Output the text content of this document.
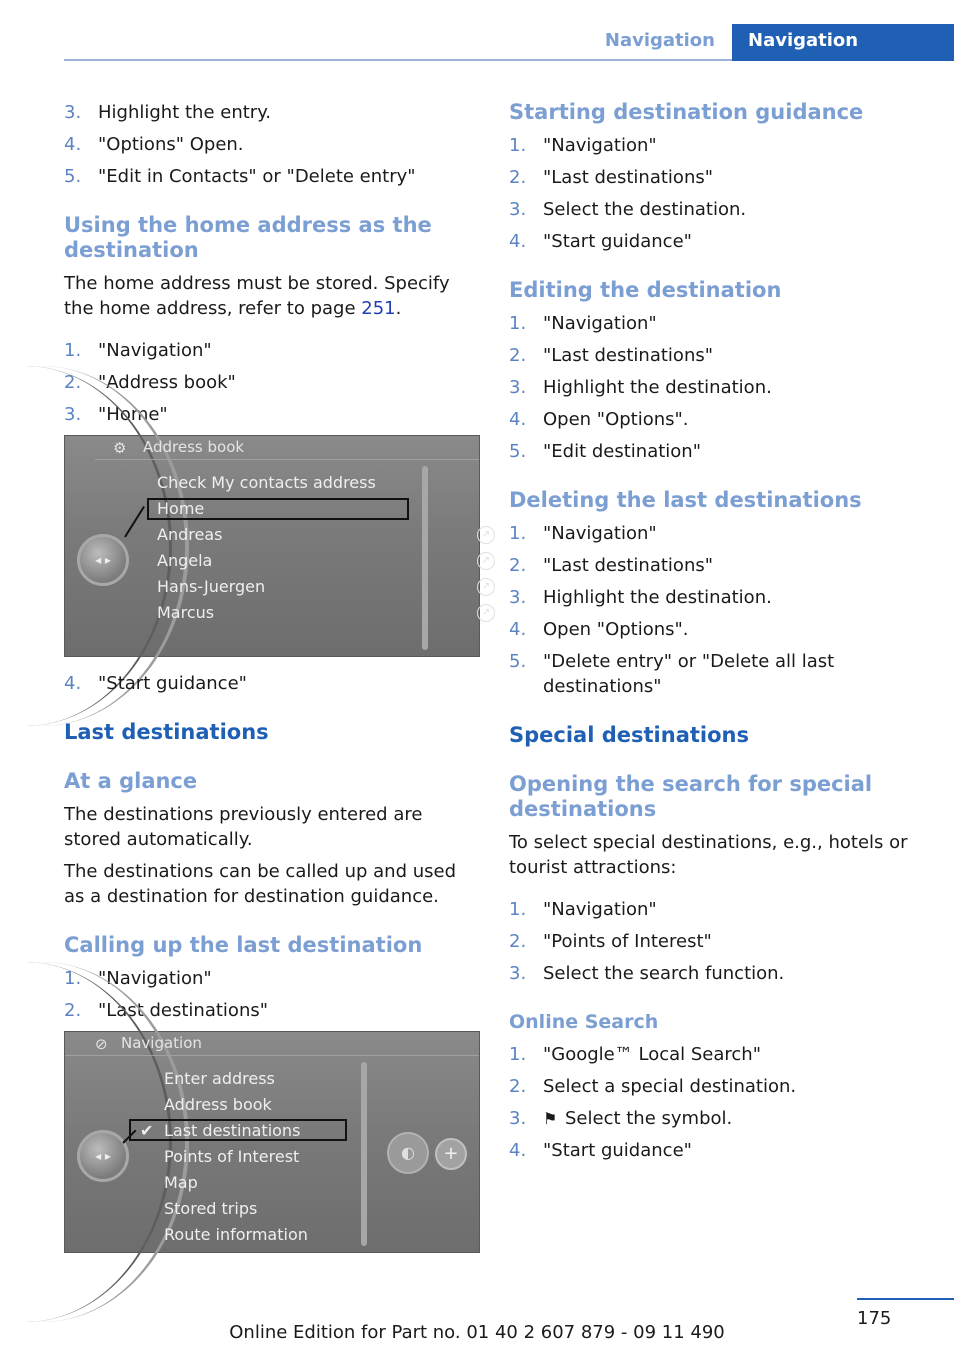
Navigation	Navigation
3. Highlight the entry.
4. "Options" Open.
5. "Edit in Contacts" or "Delete entry"
Using the home address as the destination

The home address must be stored. Specify the home address, refer to page 251.

1. "Navigation"
2. "Address book"
3. "Home"
⚙ Address book
◂ ▸
Check My contacts address
Home
Andreas	↗
Angela	↗
Hans-Juergen	↗
Marcus	↗
4. "Start guidance"
Last destinations
At a glance

The destinations previously entered are stored automatically.

The destinations can be called up and used as a destination for destination guidance.

Calling up the last destination
1. "Navigation"
2. "Last destinations"
⊘ Navigation
◂ ▸	◐	+
Enter address
Address book
✔ Last destinations
Points of Interest
Map
Stored trips
Route information
Starting destination guidance
1. "Navigation"
2. "Last destinations"
3. Select the destination.
4. "Start guidance"
Editing the destination
1. "Navigation"
2. "Last destinations"
3. Highlight the destination.
4. Open "Options".
5. "Edit destination"
Deleting the last destinations
1. "Navigation"
2. "Last destinations"
3. Highlight the destination.
4. Open "Options".
5. "Delete entry" or "Delete all last destinations"
Special destinations
Opening the search for special destinations

To select special destinations, e.g., hotels or tourist attractions:

1. "Navigation"
2. "Points of Interest"
3. Select the search function.
Online Search
1. "Google™ Local Search"
2. Select a special destination.
3. ⚑ Select the symbol.
4. "Start guidance"
175
Online Edition for Part no. 01 40 2 607 879 - 09 11 490
